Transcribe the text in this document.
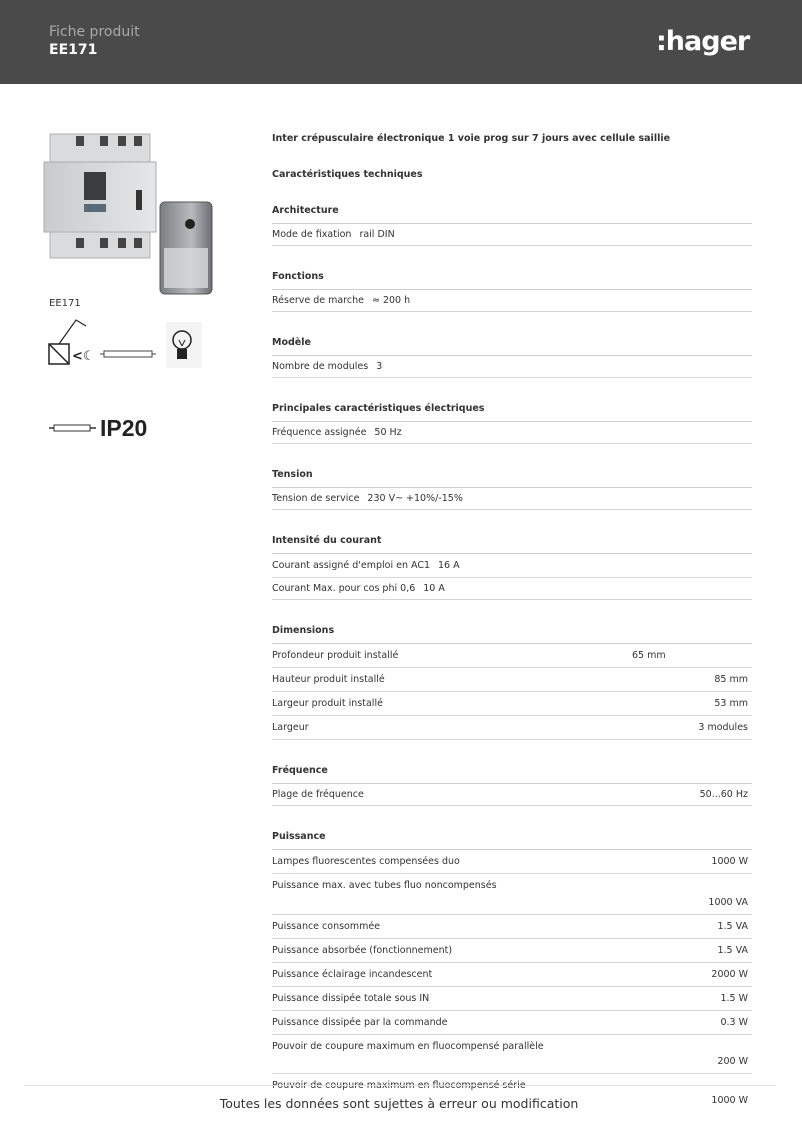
Fiche produit
EE171	:hager
EE171
<☾
IP20
Inter crépusculaire électronique 1 voie prog sur 7 jours avec cellule saillie
Caractéristiques techniques
Architecture
Mode de fixation rail DIN
Fonctions
Réserve de marche ≈ 200 h
Modèle
Nombre de modules 3
Principales caractéristiques électriques
Fréquence assignée 50 Hz
Tension
Tension de service 230 V~ +10%/-15%
Intensité du courant
Courant assigné d'emploi en AC1 16 A
Courant Max. pour cos phi 0,6 10 A
Dimensions
Profondeur produit installé	65 mm
Hauteur produit installé	85 mm
Largeur produit installé	53 mm
Largeur	3 modules
Fréquence
Plage de fréquence	50...60 Hz
Puissance
Lampes fluorescentes compensées duo	1000 W
Puissance max. avec tubes fluo noncompensés
1000 VA
Puissance consommée	1.5 VA
Puissance absorbée (fonctionnement)	1.5 VA
Puissance éclairage incandescent	2000 W
Puissance dissipée totale sous IN	1.5 W
Puissance dissipée par la commande	0.3 W
Pouvoir de coupure maximum en fluocompensé parallèle
200 W
Pouvoir de coupure maximum en fluocompensé série
1000 W
Toutes les données sont sujettes à erreur ou modification
